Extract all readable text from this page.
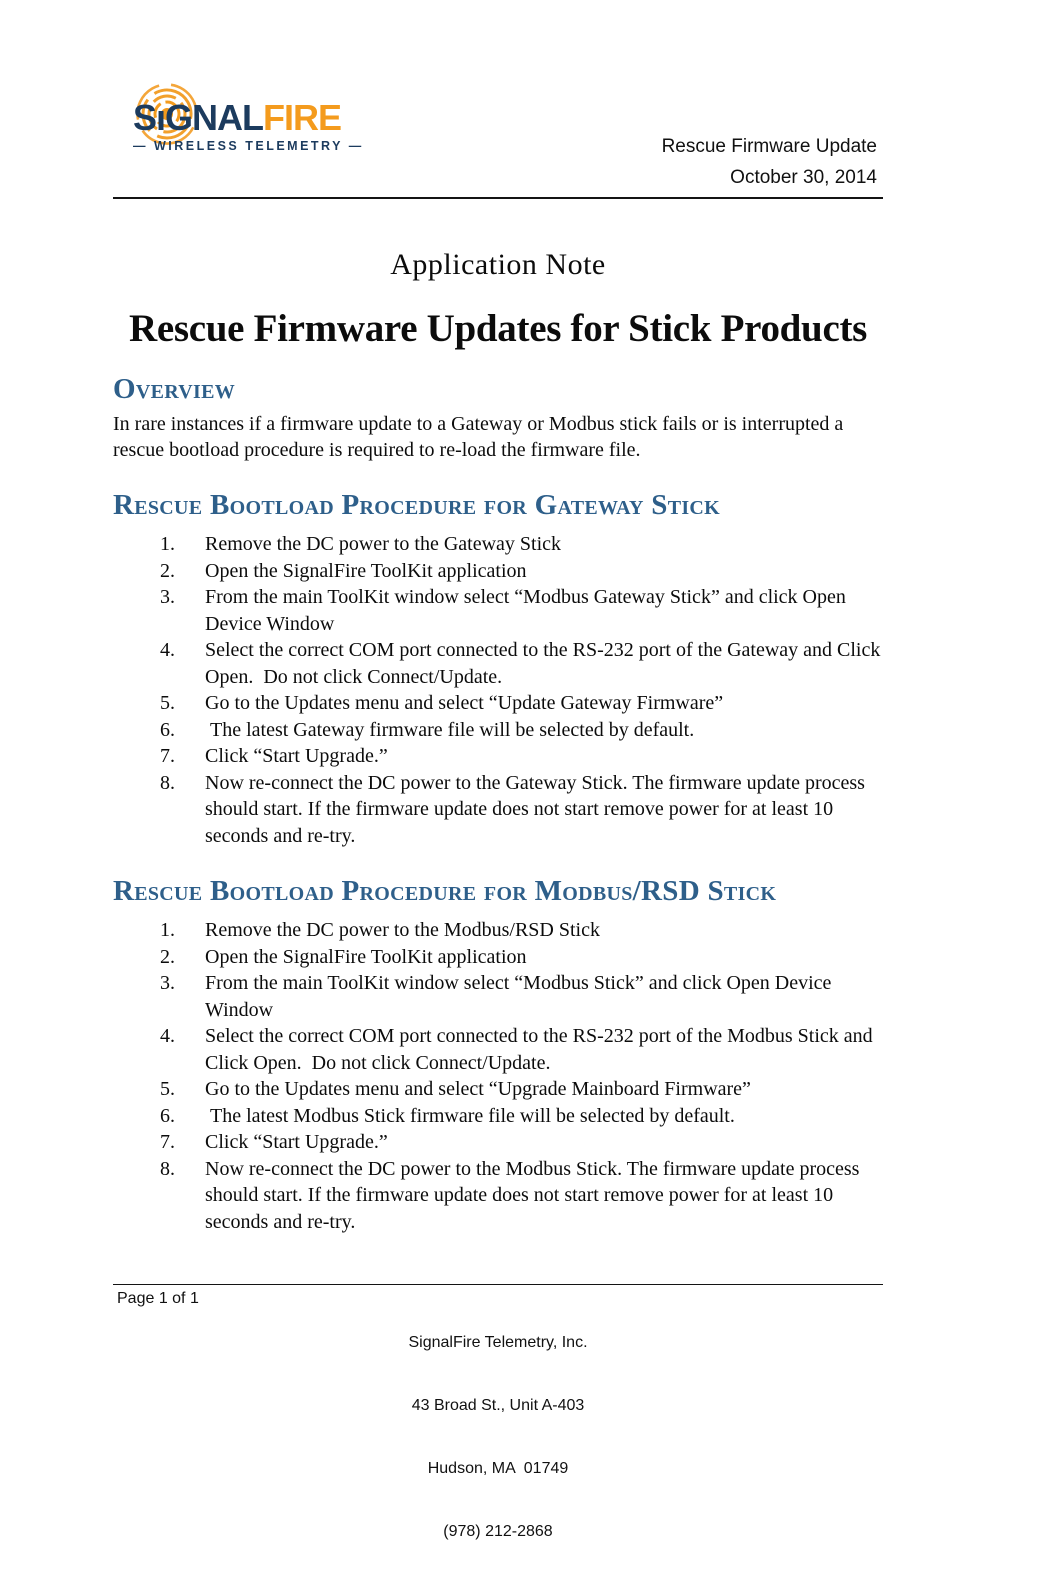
SıGNALFIRE
— WIRELESS TELEMETRY —	Rescue Firmware Update
October 30, 2014
Application Note
Rescue Firmware Updates for Stick Products
Overview

In rare instances if a firmware update to a Gateway or Modbus stick fails or is interrupted a rescue bootload procedure is required to re-load the firmware file.

Rescue Bootload Procedure for Gateway Stick
Remove the DC power to the Gateway Stick
Open the SignalFire ToolKit application
From the main ToolKit window select “Modbus Gateway Stick” and click Open Device Window
Select the correct COM port connected to the RS-232 port of the Gateway and Click Open.  Do not click Connect/Update.
Go to the Updates menu and select “Update Gateway Firmware”
The latest Gateway firmware file will be selected by default.
Click “Start Upgrade.”
Now re-connect the DC power to the Gateway Stick. The firmware update process should start. If the firmware update does not start remove power for at least 10 seconds and re-try.
Rescue Bootload Procedure for Modbus/RSD Stick
Remove the DC power to the Modbus/RSD Stick
Open the SignalFire ToolKit application
From the main ToolKit window select “Modbus Stick” and click Open Device Window
Select the correct COM port connected to the RS-232 port of the Modbus Stick and Click Open.  Do not click Connect/Update.
Go to the Updates menu and select “Upgrade Mainboard Firmware”
The latest Modbus Stick firmware file will be selected by default.
Click “Start Upgrade.”
Now re-connect the DC power to the Modbus Stick. The firmware update process should start. If the firmware update does not start remove power for at least 10 seconds and re-try.
Page 1 of 1

SignalFire Telemetry, Inc.

43 Broad St., Unit A-403

Hudson, MA  01749

(978) 212-2868
